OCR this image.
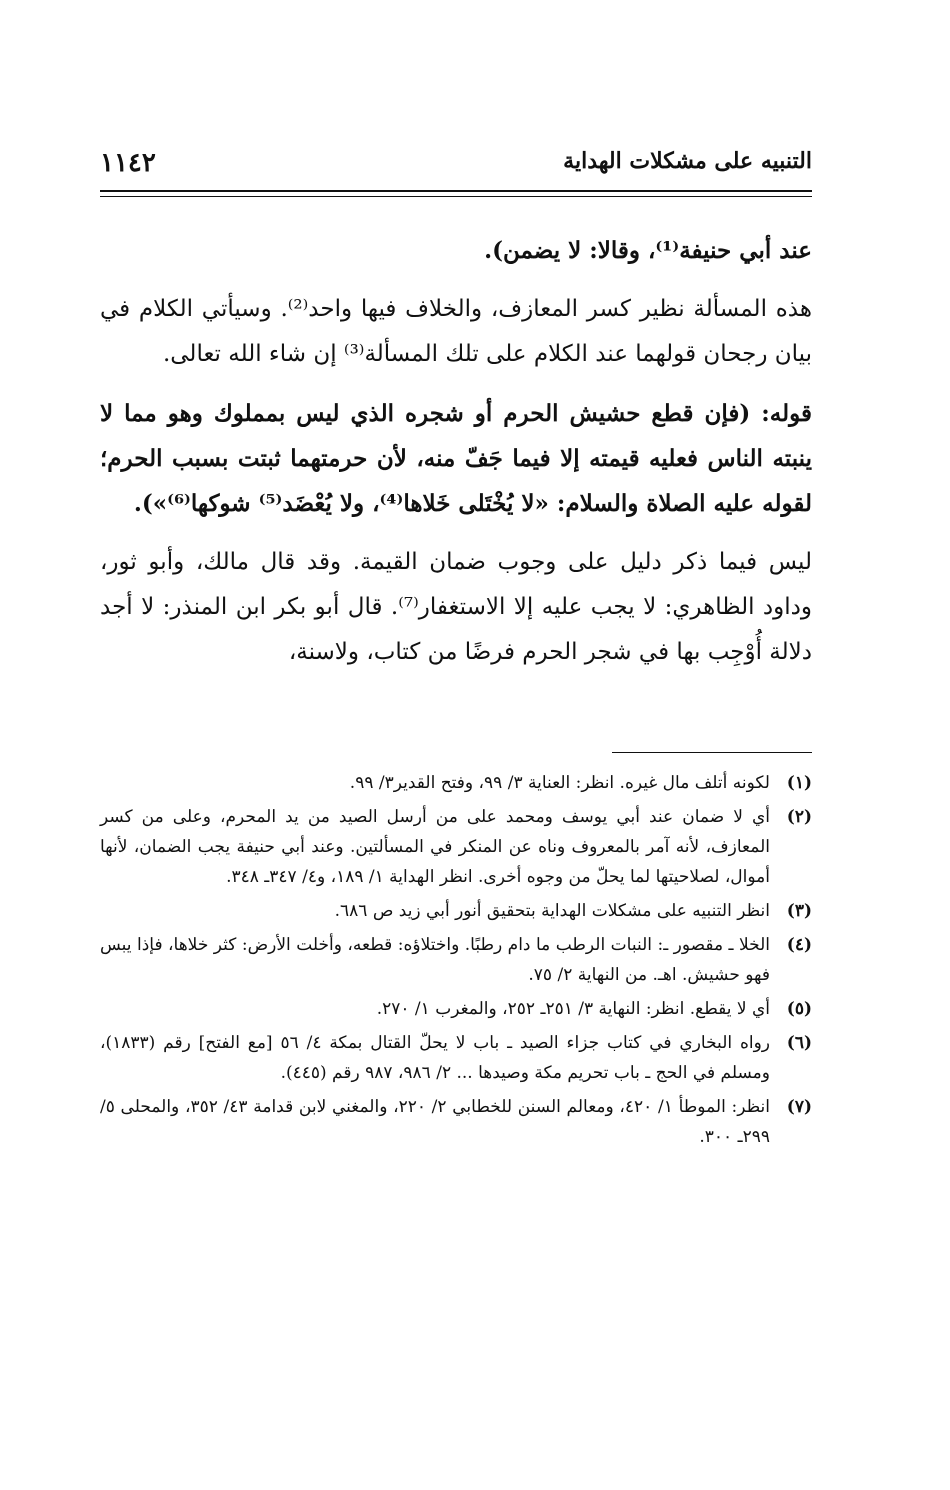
التنبيه على مشكلات الهداية
١١٤٢

عند أبي حنيفة⁽¹⁾، وقالا: لا يضمن).

هذه المسألة نظير كسر المعازف، والخلاف فيها واحد⁽²⁾. وسيأتي الكلام في بيان رجحان قولهما عند الكلام على تلك المسألة⁽³⁾ إن شاء الله تعالى.

قوله: (فإن قطع حشيش الحرم أو شجره الذي ليس بمملوك وهو مما لا ينبته الناس فعليه قيمته إلا فيما جَفّ منه، لأن حرمتهما ثبتت بسبب الحرم؛ لقوله عليه الصلاة والسلام: «لا يُخْتَلى خَلاها⁽⁴⁾، ولا يُعْضَد⁽⁵⁾ شوكها⁽⁶⁾»).

ليس فيما ذكر دليل على وجوب ضمان القيمة. وقد قال مالك، وأبو ثور، وداود الظاهري: لا يجب عليه إلا الاستغفار⁽⁷⁾. قال أبو بكر ابن المنذر: لا أجد دلالة أُوْجِب بها في شجر الحرم فرضًا من كتاب، ولاسنة،

(١)
لكونه أتلف مال غيره. انظر: العناية ٣/ ٩٩، وفتح القدير٣/ ٩٩.
(٢)
أي لا ضمان عند أبي يوسف ومحمد على من أرسل الصيد من يد المحرم، وعلى من كسر المعازف، لأنه آمر بالمعروف وناه عن المنكر في المسألتين. وعند أبي حنيفة يجب الضمان، لأنها أموال، لصلاحيتها لما يحلّ من وجوه أخرى. انظر الهداية ١/ ١٨٩، و٤/ ٣٤٧ـ ٣٤٨.
(٣)
انظر التنبيه على مشكلات الهداية بتحقيق أنور أبي زيد ص ٦٨٦.
(٤)
الخلا ـ مقصور ـ: النبات الرطب ما دام رطبًا. واختلاؤه: قطعه، وأخلت الأرض: كثر خلاها، فإذا يبس فهو حشيش. اهـ. من النهاية ٢/ ٧٥.
(٥)
أي لا يقطع. انظر: النهاية ٣/ ٢٥١ـ ٢٥٢، والمغرب ١/ ٢٧٠.
(٦)
رواه البخاري في كتاب جزاء الصيد ـ باب لا يحلّ القتال بمكة ٤/ ٥٦ [مع الفتح] رقم (١٨٣٣)، ومسلم في الحج ـ باب تحريم مكة وصيدها ... ٢/ ٩٨٦، ٩٨٧ رقم (٤٤٥).
(٧)
انظر: الموطأ ١/ ٤٢٠، ومعالم السنن للخطابي ٢/ ٢٢٠، والمغني لابن قدامة ٤٣/ ٣٥٢، والمحلى ٥/ ٢٩٩ـ ٣٠٠.
